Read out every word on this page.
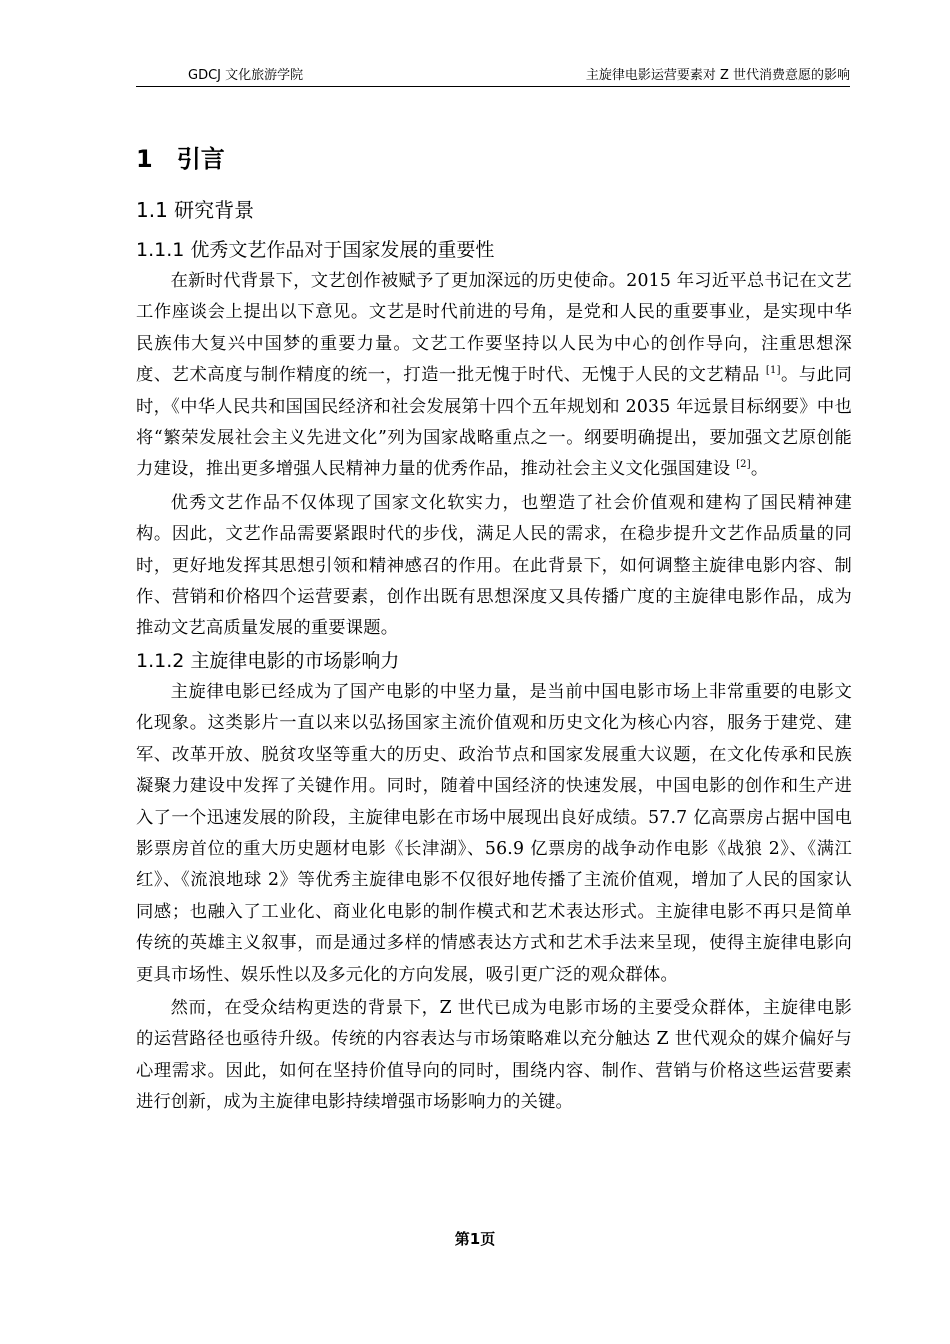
GDCJ 文化旅游学院	主旋律电影运营要素对 Z 世代消费意愿的影响
1　引言
1.1 研究背景
1.1.1 优秀文艺作品对于国家发展的重要性

在新时代背景下，文艺创作被赋予了更加深远的历史使命。2015 年习近平总书记在文艺工作座谈会上提出以下意见。文艺是时代前进的号角，是党和人民的重要事业，是实现中华民族伟大复兴中国梦的重要力量。文艺工作要坚持以人民为中心的创作导向，注重思想深度、艺术高度与制作精度的统一，打造一批无愧于时代、无愧于人民的文艺精品 [1]。与此同时，《中华人民共和国国民经济和社会发展第十四个五年规划和 2035 年远景目标纲要》中也将“繁荣发展社会主义先进文化”列为国家战略重点之一。纲要明确提出，要加强文艺原创能力建设，推出更多增强人民精神力量的优秀作品，推动社会主义文化强国建设 [2]。

优秀文艺作品不仅体现了国家文化软实力，也塑造了社会价值观和建构了国民精神建构。因此，文艺作品需要紧跟时代的步伐，满足人民的需求，在稳步提升文艺作品质量的同时，更好地发挥其思想引领和精神感召的作用。在此背景下，如何调整主旋律电影内容、制作、营销和价格四个运营要素，创作出既有思想深度又具传播广度的主旋律电影作品，成为推动文艺高质量发展的重要课题。

1.1.2 主旋律电影的市场影响力

主旋律电影已经成为了国产电影的中坚力量，是当前中国电影市场上非常重要的电影文化现象。这类影片一直以来以弘扬国家主流价值观和历史文化为核心内容，服务于建党、建军、改革开放、脱贫攻坚等重大的历史、政治节点和国家发展重大议题，在文化传承和民族凝聚力建设中发挥了关键作用。同时，随着中国经济的快速发展，中国电影的创作和生产进入了一个迅速发展的阶段，主旋律电影在市场中展现出良好成绩。57.7 亿高票房占据中国电影票房首位的重大历史题材电影《长津湖》、56.9 亿票房的战争动作电影《战狼 2》、《满江红》、《流浪地球 2》等优秀主旋律电影不仅很好地传播了主流价值观，增加了人民的国家认同感；也融入了工业化、商业化电影的制作模式和艺术表达形式。主旋律电影不再只是简单传统的英雄主义叙事，而是通过多样的情感表达方式和艺术手法来呈现，使得主旋律电影向更具市场性、娱乐性以及多元化的方向发展，吸引更广泛的观众群体。

然而，在受众结构更迭的背景下，Z 世代已成为电影市场的主要受众群体，主旋律电影的运营路径也亟待升级。传统的内容表达与市场策略难以充分触达 Z 世代观众的媒介偏好与心理需求。因此，如何在坚持价值导向的同时，围绕内容、制作、营销与价格这些运营要素进行创新，成为主旋律电影持续增强市场影响力的关键。

第1页
